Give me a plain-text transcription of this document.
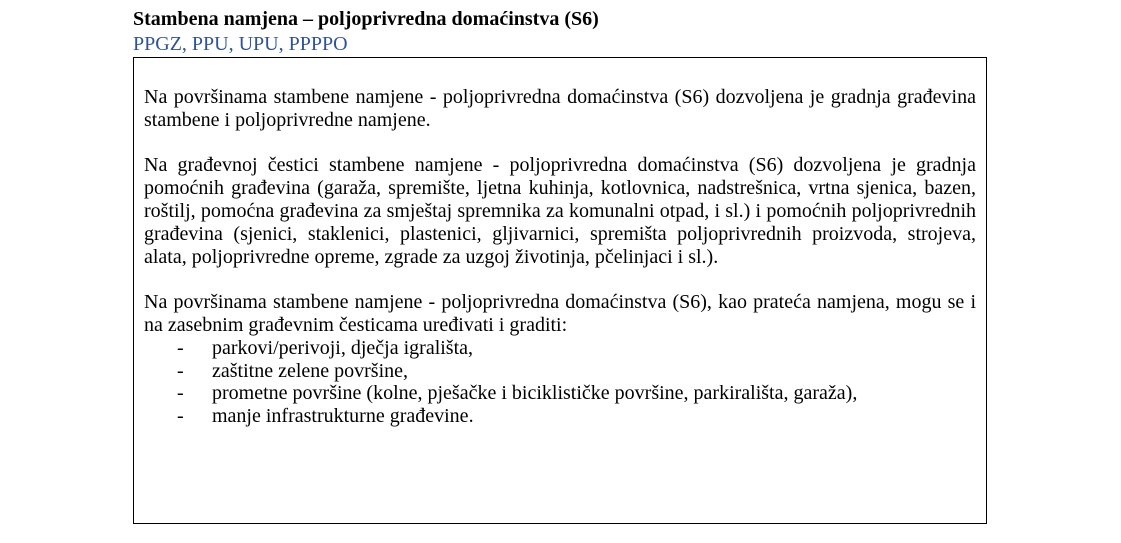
Stambena namjena – poljoprivredna domaćinstva (S6)
PPGZ, PPU, UPU, PPPPO

Na površinama stambene namjene - poljoprivredna domaćinstva (S6) dozvoljena je gradnja građevina stambene i poljoprivredne namjene.

Na građevnoj čestici stambene namjene - poljoprivredna domaćinstva (S6) dozvoljena je gradnja pomoćnih građevina (garaža, spremište, ljetna kuhinja, kotlovnica, nadstrešnica, vrtna sjenica, bazen, roštilj, pomoćna građevina za smještaj spremnika za komunalni otpad, i sl.) i pomoćnih poljoprivrednih građevina (sjenici, staklenici, plastenici, gljivarnici, spremišta poljoprivrednih proizvoda, strojeva, alata, poljoprivredne opreme, zgrade za uzgoj životinja, pčelinjaci i sl.).

Na površinama stambene namjene - poljoprivredna domaćinstva (S6), kao prateća namjena, mogu se i na zasebnim građevnim česticama uređivati i graditi:

- parkovi/perivoji, dječja igrališta,
- zaštitne zelene površine,
- prometne površine (kolne, pješačke i biciklističke površine, parkirališta, garaža),
- manje infrastrukturne građevine.
